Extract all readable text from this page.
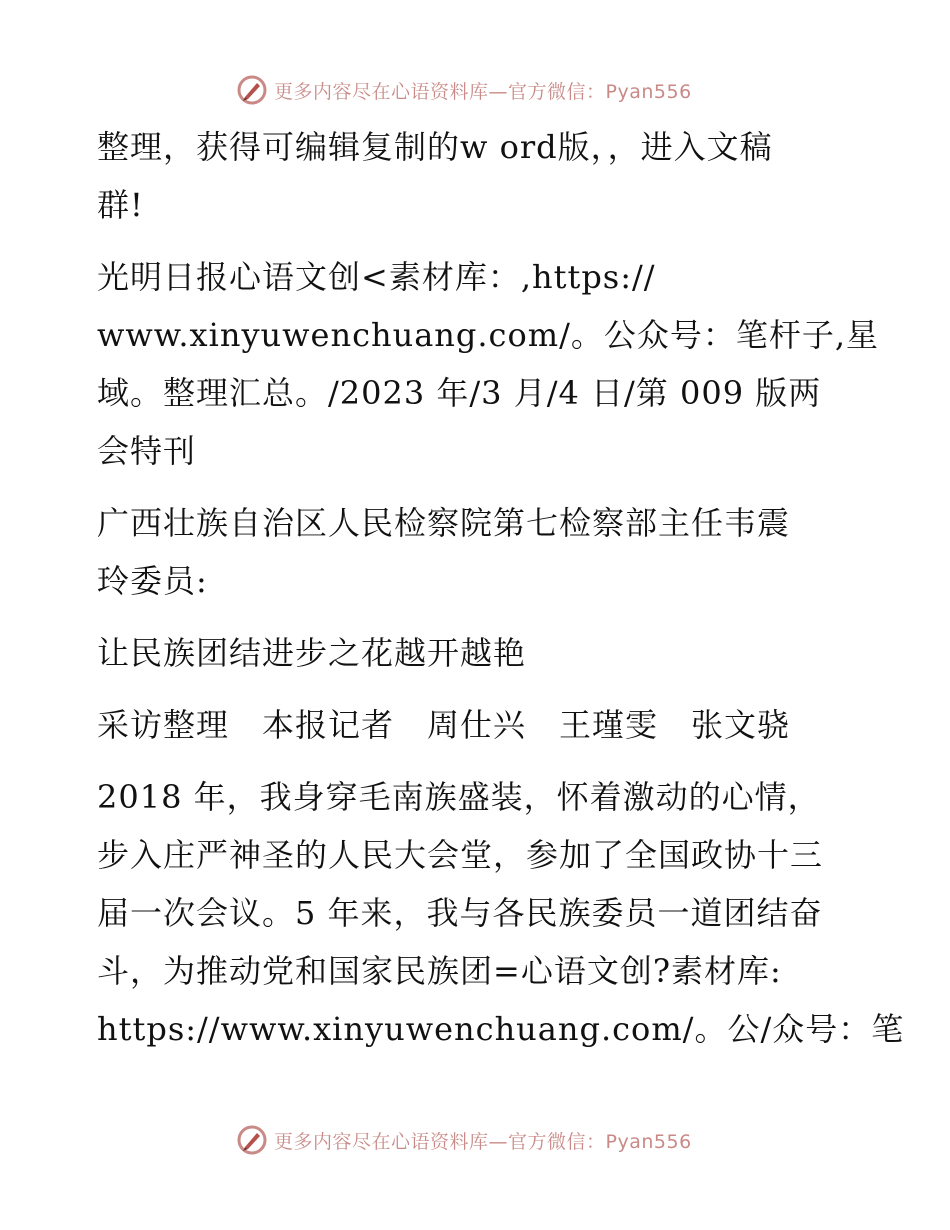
更多内容尽在心语资料库—官方微信：Pyan556

整理，获得可编辑复制的w ord版，，进入文稿
群!

光明日报心语文创<素材库：,https://
www.xinyuwenchuang.com/。公众号：笔杆子,星
域。整理汇总。/2023 年/3 月/4 日/第 009 版两
会特刊

广西壮族自治区人民检察院第七检察部主任韦震
玲委员:

让民族团结进步之花越开越艳

采访整理　本报记者　周仕兴　王瑾雯　张文骁

2018 年，我身穿毛南族盛装，怀着激动的心情，
步入庄严神圣的人民大会堂，参加了全国政协十三
届一次会议。5 年来，我与各民族委员一道团结奋
斗，为推动党和国家民族团=心语文创?素材库:
https://www.xinyuwenchuang.com/。公/众号：笔

更多内容尽在心语资料库—官方微信：Pyan556
